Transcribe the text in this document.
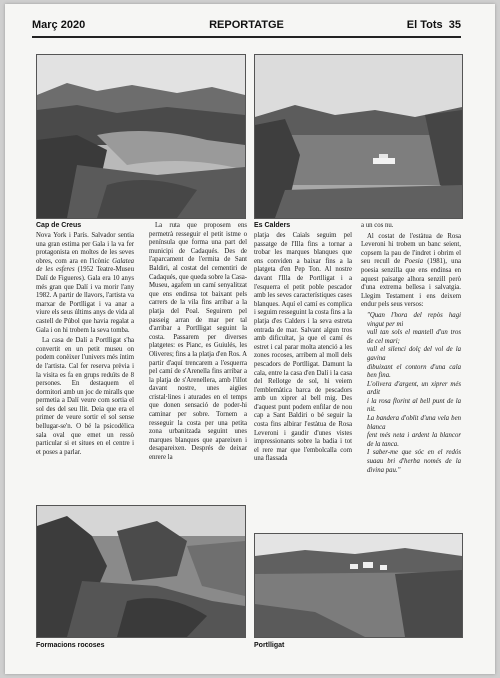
Març 2020	REPORTATGE	El Tots 35
Cap de Creus	Es Calders

Nova York i París. Salvador sentia una gran estima per Gala i la va fer protagonista en moltes de les seves obres, com ara en l'icònic Galatea de les esferes (1952 Teatre-Museu Dalí de Figueres). Gala era 10 anys més gran que Dalí i va morir l'any 1982. A partir de llavors, l'artista va marxar de Portlligat i va anar a viure els seus últims anys de vida al castell de Púbol que havia regalat a Gala i on hi trobem la seva tomba.

La casa de Dalí a Portlligat s'ha convertit en un petit museu on podem conèixer l'univers més íntim de l'artista. Cal fer reserva prèvia i la visita es fa en grups reduïts de 8 persones. En destaquem el dormitori amb un joc de miralls que permetia a Dalí veure com sortia el sol des del seu llit. Deia que era el primer de veure sortir el sol sense bellugar-se'n. O bé la psicodèlica sala oval que emet un ressò particular si et situes en el centre i et poses a parlar.

La ruta que proposem ens permetrà resseguir el petit istme o península que forma una part del municipi de Cadaqués. Des de l'aparcament de l'ermita de Sant Baldiri, al costat del cementiri de Cadaqués, que queda sobre la Casa-Museu, agafem un camí senyalitzat que ens endinsa tot baixant pels carrers de la vila fins arribar a la platja del Poal. Seguirem pel passeig arran de mar per tal d'arribar a Portlligat seguint la costa. Passarem per diverses platgetes: es Pianc, es Guiulés, les Oliveres; fins a la platja d'en Ros. A partir d'aquí trencarem a l'esquerra pel camí de s'Arenella fins arribar a la platja de s'Arenellera, amb l'illot davant nostre, unes aigües cristal·lines i aturades en el temps que donen sensació de poder-hi caminar per sobre. Tornem a resseguir la costa per una petita zona urbanitzada seguint unes marques blanques que apareixen i desapareixen. Després de deixar enrere la

platja des Caials seguim pel passatge de l'Illa fins a tornar a trobar les marques blanques que ens conviden a baixar fins a la platgeta d'en Pep Ton. Al nostre davant l'Illa de Portlligat i a l'esquerra el petit poble pescador amb les seves característiques cases blanques. Aquí el camí es complica i seguim resseguint la costa fins a la platja d'es Calders i la seva estreta entrada de mar. Salvant algun tros amb dificultat, ja que el camí és estret i cal parar molta atenció a les zones rocoses, arribem al moll dels pescadors de Portlligat. Damunt la cala, entre la casa d'en Dalí i la casa del Rellotge de sol, hi veiem l'emblemàtica barca de pescadors amb un xiprer al bell mig. Des d'aquest punt podem enfilar de nou cap a Sant Baldiri o bé seguir la costa fins albirar l'estàtua de Rosa Leveroni i gaudir d'unes vistes impressionants sobre la badia i tot el rere mar que l'embolcalla com una flassada

a un cos nu.

Al costat de l'estàtua de Rosa Leveroni hi trobem un banc seient, copsem la pau de l'indret i obrim el seu recull de Poesia (1981), una poesia senzilla que ens endinsa en aquest paisatge alhora senzill però d'una extrema bellesa i salvatgia. Llegim Testament i ens deixem endur pels seus versos:

"Quan l'hora del repòs hagi vingut per mi

vull tan sols el mantell d'un tros de cel mari;

vull el silenci dolç del vol de la gavina

dibuixant el contorn d'una cala ben fina.

L'olivera d'argent, un xiprer més ardit

i la rosa florint al bell punt de la nit.

La bandera d'oblit d'una vela ben blanca

fent més neta i ardent la blancor de la tanca.

I saber-me que sóc en el redós suaau bri d'herba només de la divina pau."

Formacions rocoses	Portlligat
